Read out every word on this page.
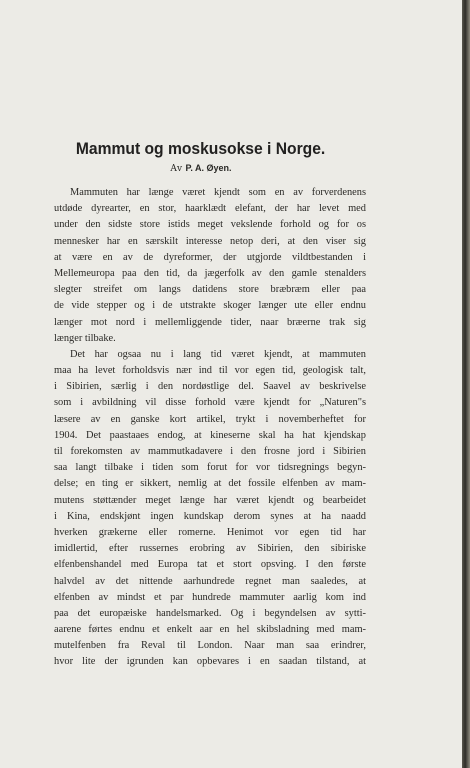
Mammut og moskusokse i Norge.
Av P. A. Øyen.
Mammuten har længe været kjendt som en av forverdenens
utdøde dyrearter, en stor, haarklædt elefant, der har levet med
under den sidste store istids meget vekslende forhold og for os
mennesker har en særskilt interesse netop deri, at den viser sig
at være en av de dyreformer, der utgjorde vildtbestanden i
Mellemeuropa paa den tid, da jægerfolk av den gamle stenalders
slegter streifet om langs datidens store bræbræm eller paa
de vide stepper og i de utstrakte skoger længer ute eller endnu
længer mot nord i mellemliggende tider, naar bræerne trak sig
længer tilbake.
Det har ogsaa nu i lang tid været kjendt, at mammuten
maa ha levet forholdsvis nær ind til vor egen tid, geologisk talt,
i Sibirien, særlig i den nordøstlige del. Saavel av beskrivelse
som i avbildning vil disse forhold være kjendt for „Naturen"s
læsere av en ganske kort artikel, trykt i novemberheftet for
1904. Det paastaaes endog, at kineserne skal ha hat kjendskap
til forekomsten av mammutkadavere i den frosne jord i Sibirien
saa langt tilbake i tiden som forut for vor tidsregnings begyn-
delse; en ting er sikkert, nemlig at det fossile elfenben av mam-
mutens støttænder meget længe har været kjendt og bearbeidet
i Kina, endskjønt ingen kundskap derom synes at ha naadd
hverken grækerne eller romerne. Henimot vor egen tid har
imidlertid, efter russernes erobring av Sibirien, den sibiriske
elfenbenshandel med Europa tat et stort opsving. I den første
halvdel av det nittende aarhundrede regnet man saaledes, at
elfenben av mindst et par hundrede mammuter aarlig kom ind
paa det europæiske handelsmarked. Og i begyndelsen av sytti-
aarene førtes endnu et enkelt aar en hel skibsladning med mam-
mutelfenben fra Reval til London. Naar man saa erindrer,
hvor lite der igrunden kan opbevares i en saadan tilstand, at
